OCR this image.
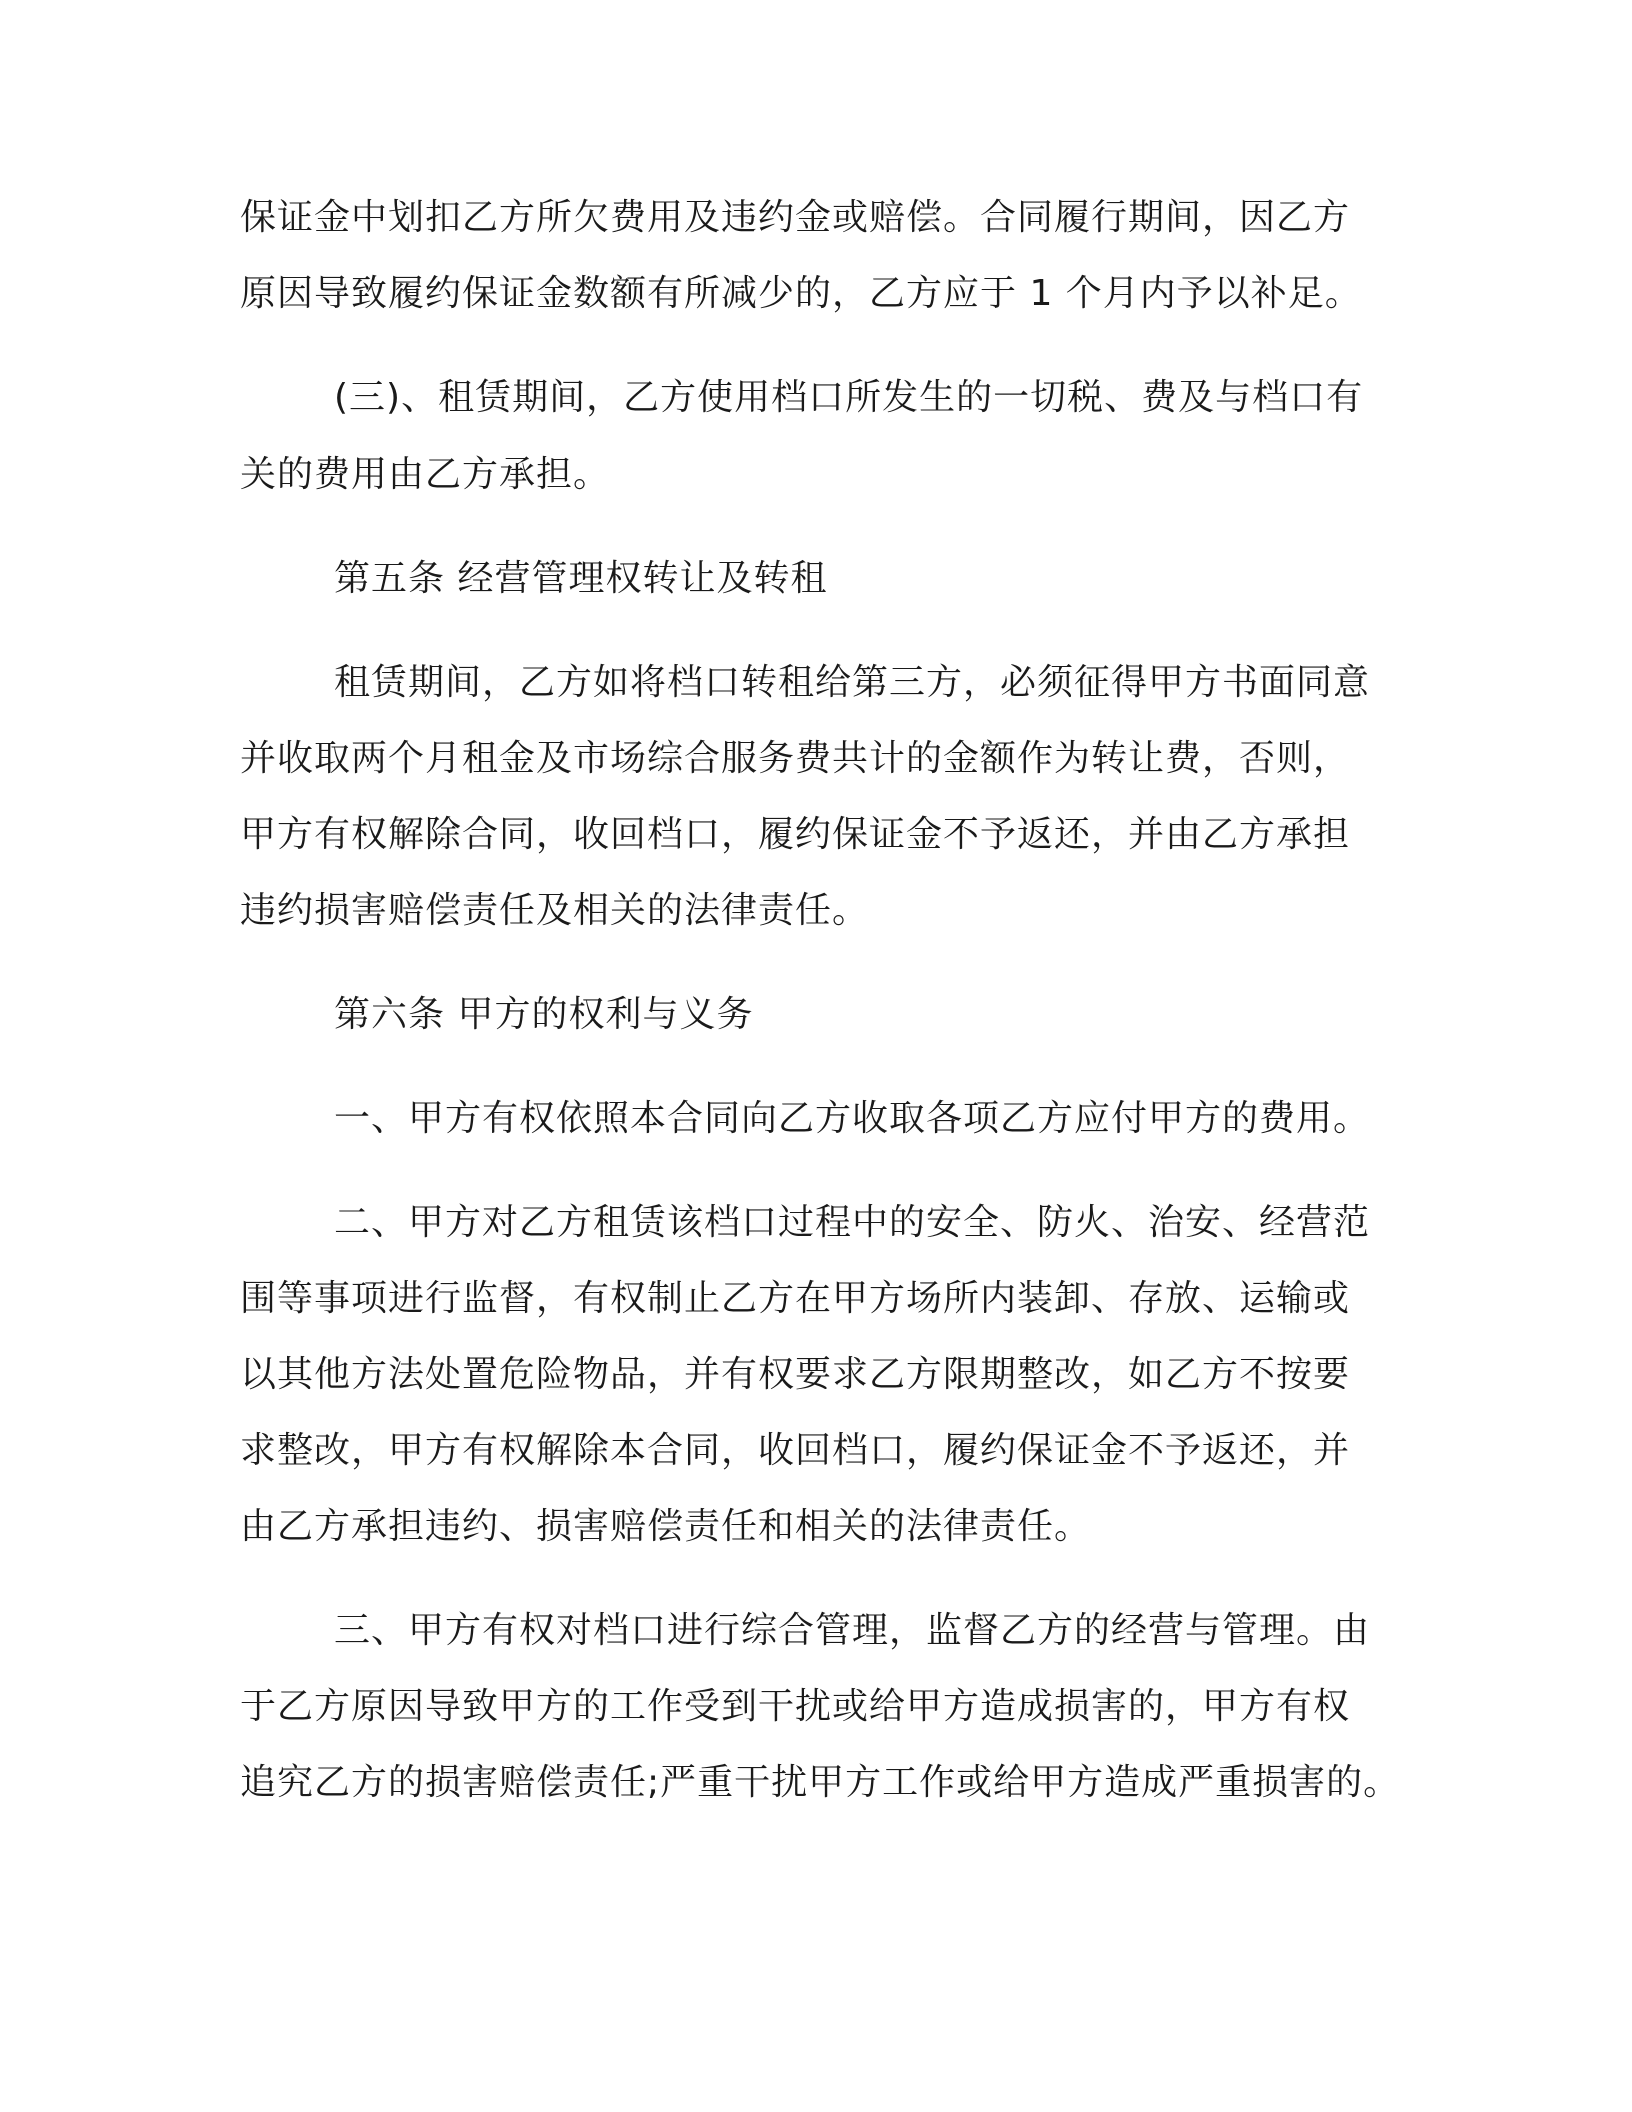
保证金中划扣乙方所欠费用及违约金或赔偿。合同履行期间，因乙方
原因导致履约保证金数额有所减少的，乙方应于 1 个月内予以补足。
(三)、租赁期间，乙方使用档口所发生的一切税、费及与档口有
关的费用由乙方承担。
第五条 经营管理权转让及转租
租赁期间，乙方如将档口转租给第三方，必须征得甲方书面同意
并收取两个月租金及市场综合服务费共计的金额作为转让费，否则，
甲方有权解除合同，收回档口，履约保证金不予返还，并由乙方承担
违约损害赔偿责任及相关的法律责任。
第六条 甲方的权利与义务
一、甲方有权依照本合同向乙方收取各项乙方应付甲方的费用。
二、甲方对乙方租赁该档口过程中的安全、防火、治安、经营范
围等事项进行监督，有权制止乙方在甲方场所内装卸、存放、运输或
以其他方法处置危险物品，并有权要求乙方限期整改，如乙方不按要
求整改，甲方有权解除本合同，收回档口，履约保证金不予返还，并
由乙方承担违约、损害赔偿责任和相关的法律责任。
三、甲方有权对档口进行综合管理，监督乙方的经营与管理。由
于乙方原因导致甲方的工作受到干扰或给甲方造成损害的，甲方有权
追究乙方的损害赔偿责任;严重干扰甲方工作或给甲方造成严重损害的。
